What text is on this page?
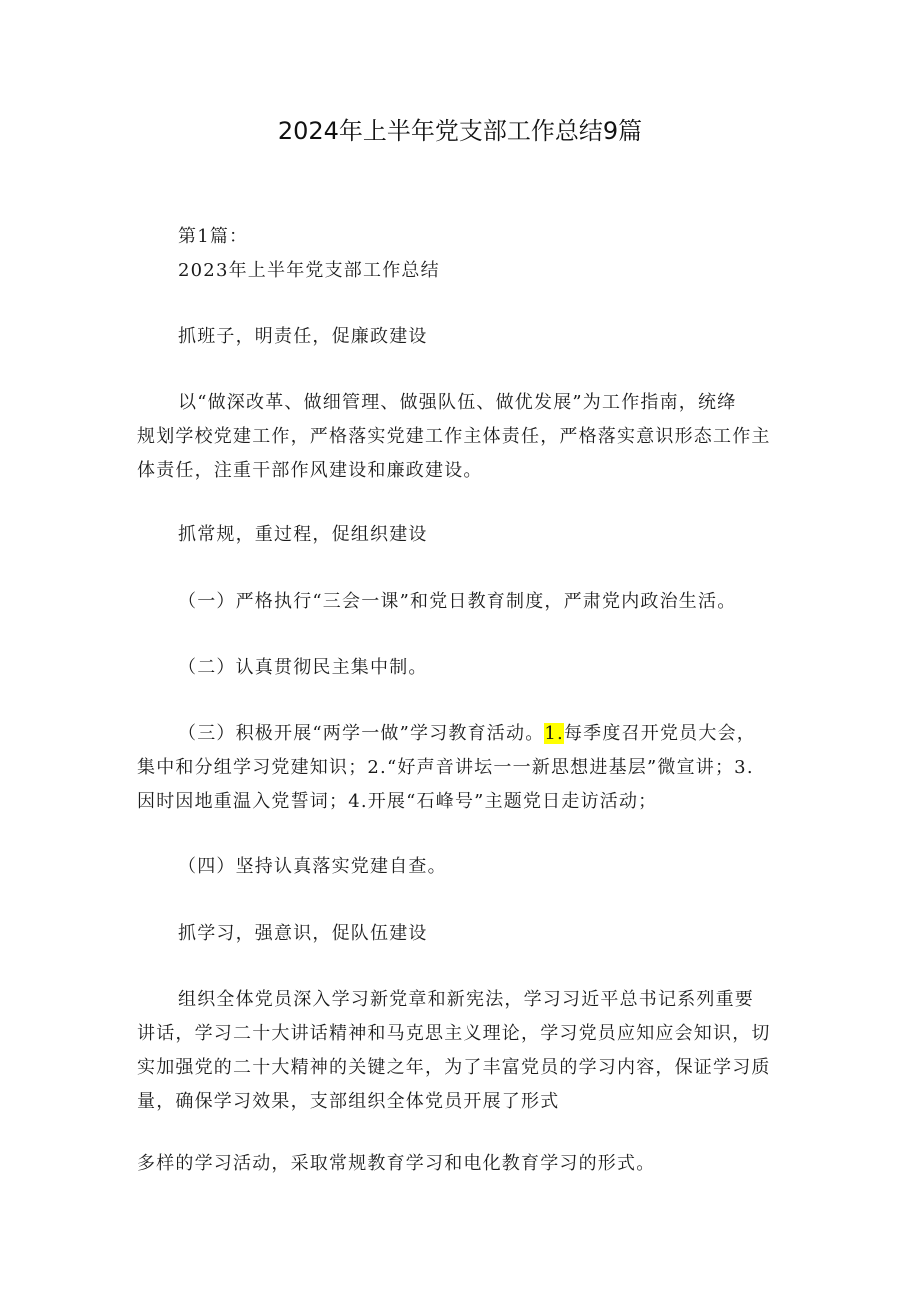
2024年上半年党支部工作总结9篇

第1篇：

2023年上半年党支部工作总结

抓班子，明责任，促廉政建设

以“做深改革、做细管理、做强队伍、做优发展”为工作指南，统绛
规划学校党建工作，严格落实党建工作主体责任，严格落实意识形态工作主
体责任，注重干部作风建设和廉政建设。

抓常规，重过程，促组织建设

（一）严格执行“三会一课”和党日教育制度，严肃党内政治生活。

（二）认真贯彻民主集中制。

（三）积极开展“两学一做”学习教育活动。1.每季度召开党员大会，
集中和分组学习党建知识；2.“好声音讲坛一一新思想进基层”微宣讲；3.
因时因地重温入党誓词；4.开展“石峰号”主题党日走访活动；

（四）坚持认真落实党建自查。

抓学习，强意识，促队伍建设

组织全体党员深入学习新党章和新宪法，学习习近平总书记系列重要
讲话，学习二十大讲话精神和马克思主义理论，学习党员应知应会知识，切
实加强党的二十大精神的关键之年，为了丰富党员的学习内容，保证学习质
量，确保学习效果，支部组织全体党员开展了形式

多样的学习活动，采取常规教育学习和电化教育学习的形式。
